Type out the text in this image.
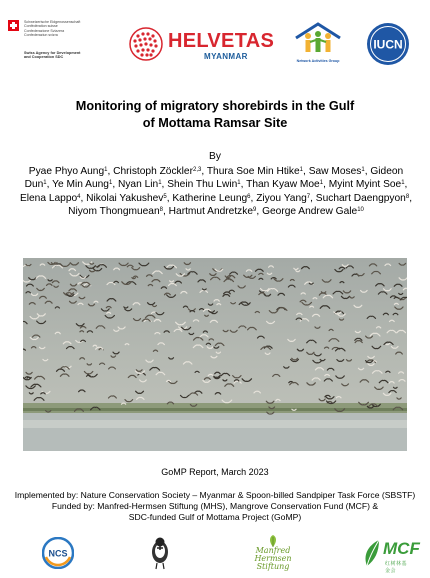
Schweizerische Eidgenossenschaft
Confédération suisse
Confederazione Svizzera
Confederaziun svizra
Swiss Agency for Development
and Cooperation SDC
HELVETAS
MYANMAR	Network Activities Group
IUCN
Monitoring of migratory shorebirds in the Gulf
of Mottama Ramsar Site
By
Pyae Phyo Aung$^1$, Christoph Zöckler$^{2,3}$, Thura Soe Min Htike$^1$, Saw Moses$^1$, Gideon Dun$^1$, Ye Min Aung$^1$, Nyan Lin$^1$, Shein Thu Lwin$^1$, Than Kyaw Moe$^1$, Myint Myint Soe$^1$, Elena Lappo$^4$, Nikolai Yakushev$^5$, Katherine Leung$^6$, Ziyou Yang$^7$, Suchart Daengpyon$^8$, Niyom Thongmuean$^8$, Hartmut Andretzke$^9$, George Andrew Gale$^{10}$
GoMP Report, March 2023
Implemented by: Nature Conservation Society – Myanmar & Spoon-billed Sandpiper Task Force (SBSTF)
Funded by: Manfred-Hermsen Stiftung (MHS), Mangrove Conservation Fund (MCF) &
SDC-funded Gulf of Mottama Project (GoMP)
NCS	Manfred
Hermsen
Stiftung
MCF
红树林基金会
